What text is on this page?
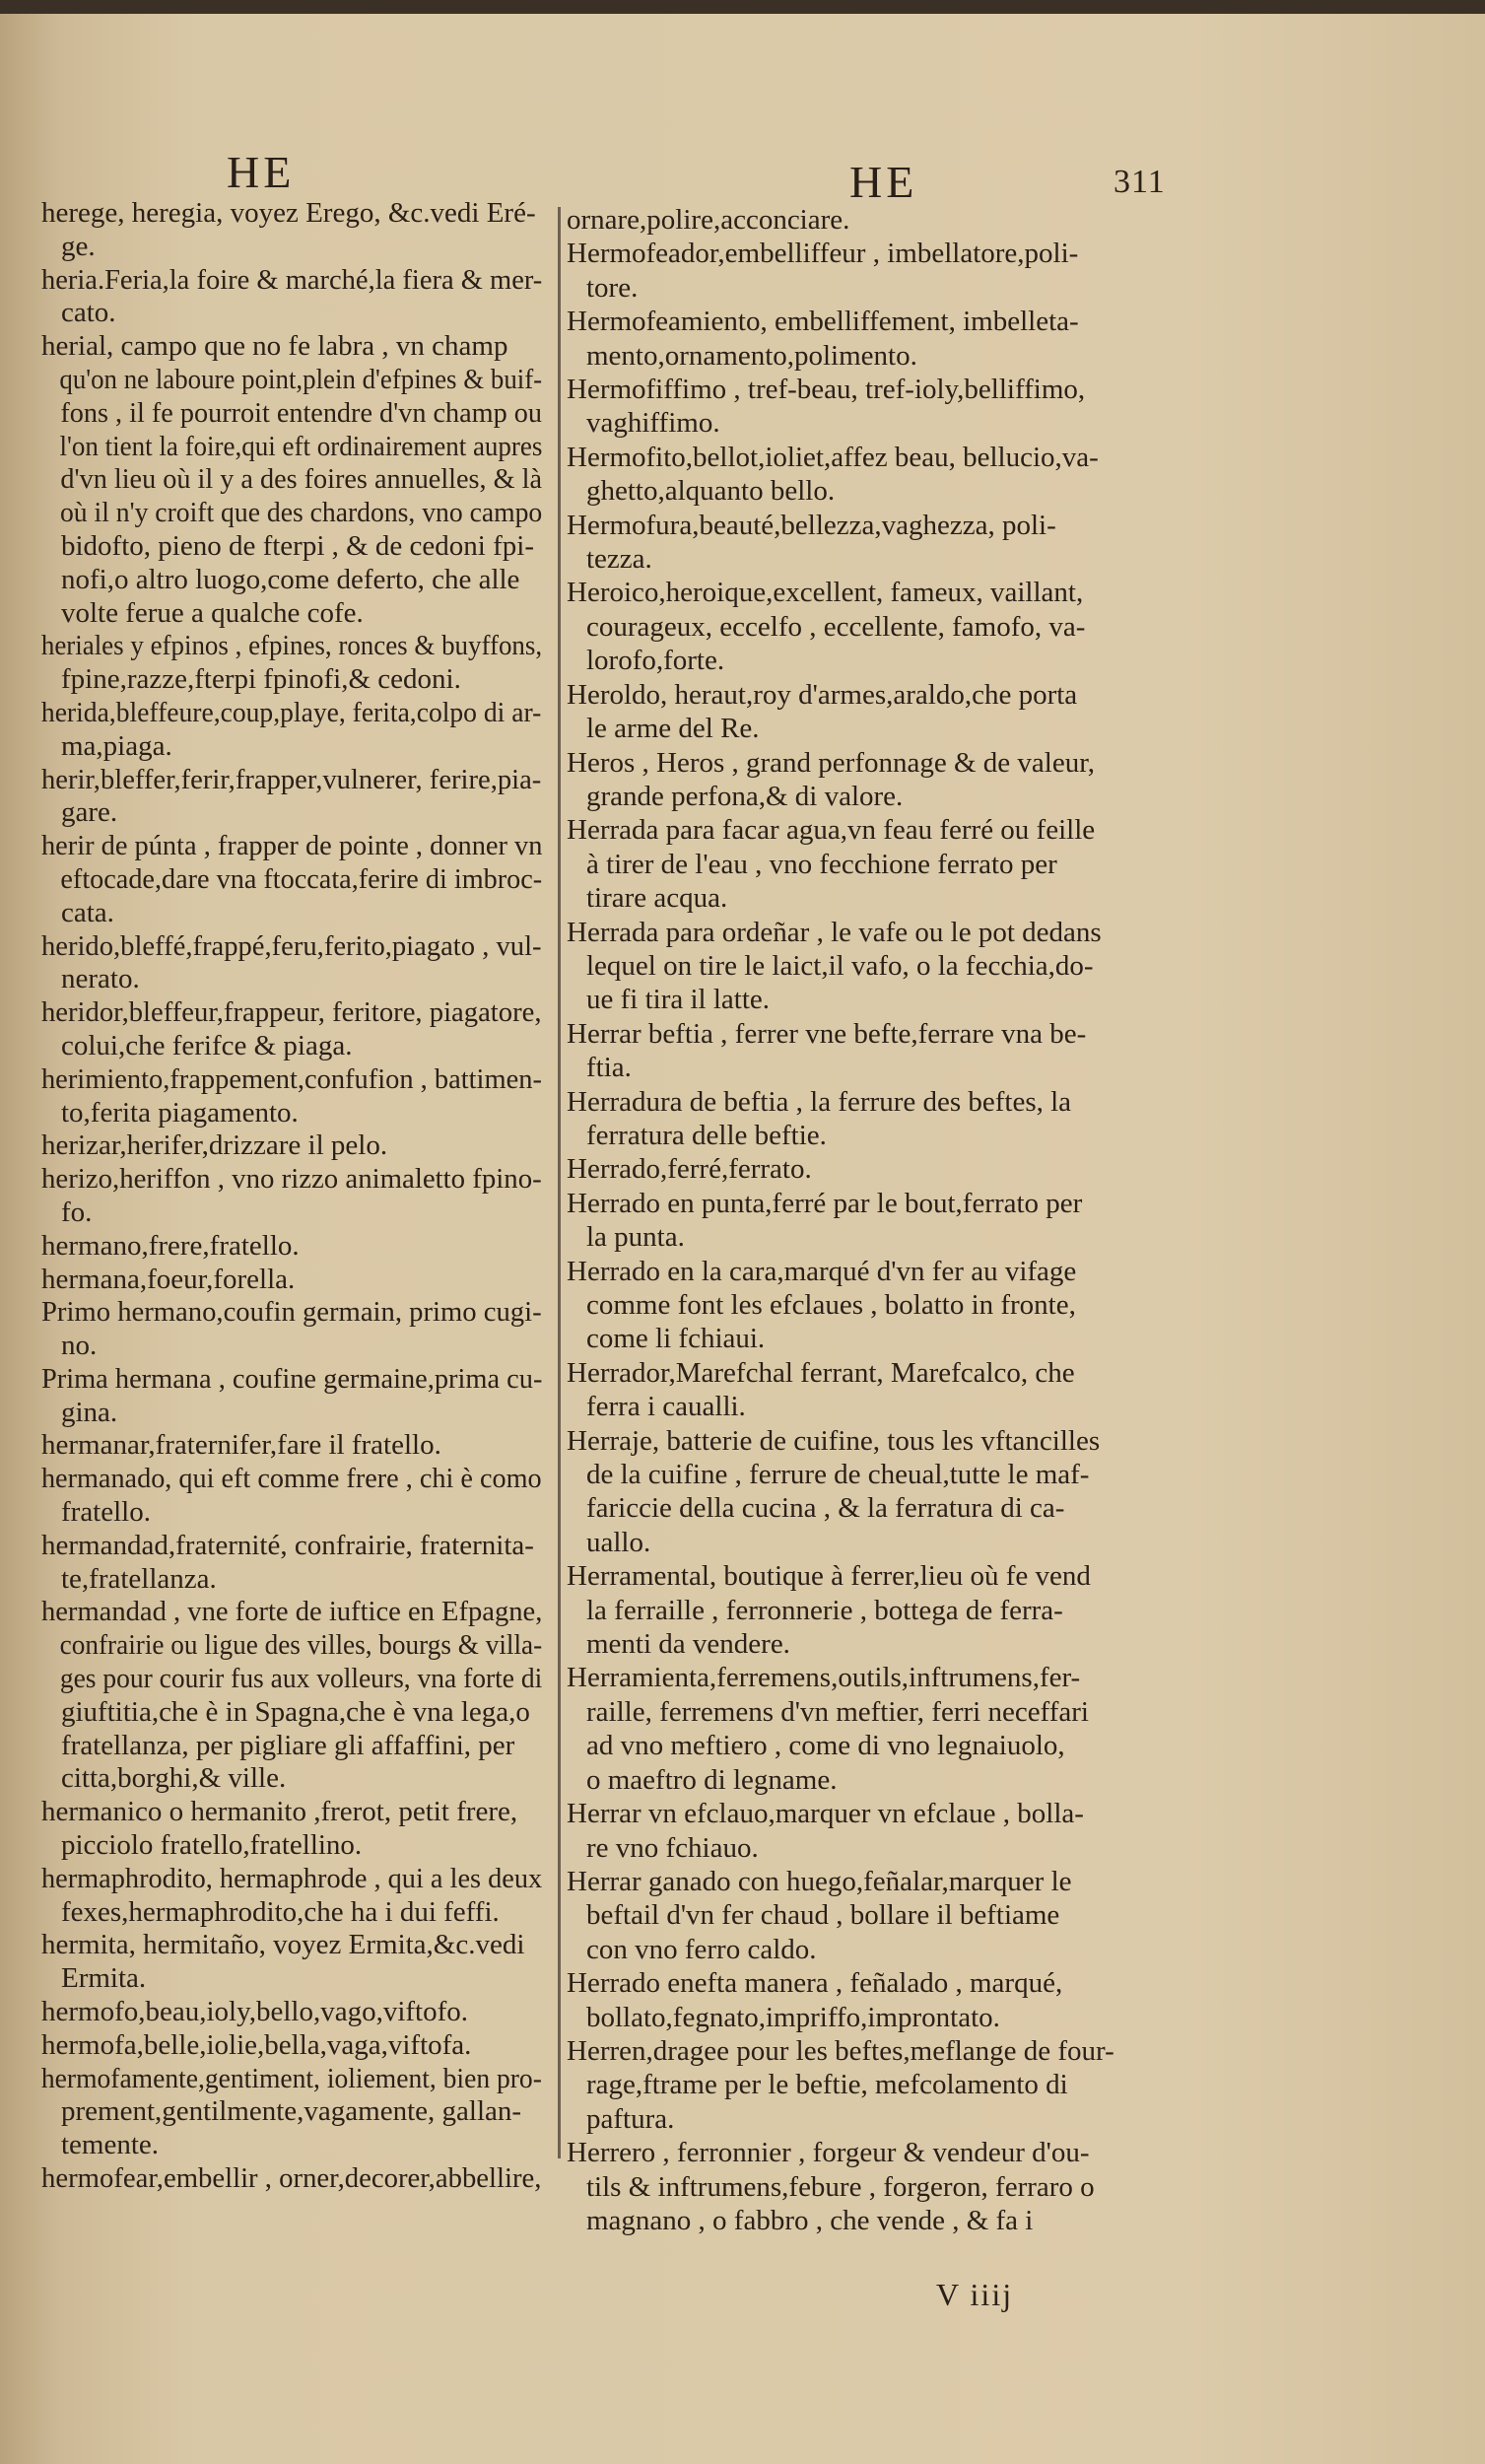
HE	HE	311
herege, heregia, voyez Erego, &c.vedi Eré-
ge.
heria.Feria,la foire & marché,la fiera & mer-
cato.
herial, campo que no fe labra , vn champ
qu'on ne laboure point,plein d'efpines & buif-
fons , il fe pourroit entendre d'vn champ ou
l'on tient la foire,qui eft ordinairement aupres
d'vn lieu où il y a des foires annuelles, & là
où il n'y croift que des chardons, vno campo
bidofto, pieno de fterpi , & de cedoni fpi-
nofi,o altro luogo,come deferto, che alle
volte ferue a qualche cofe.
heriales y efpinos , efpines, ronces & buyffons,
fpine,razze,fterpi fpinofi,& cedoni.
herida,bleffeure,coup,playe, ferita,colpo di ar-
ma,piaga.
herir,bleffer,ferir,frapper,vulnerer, ferire,pia-
gare.
herir de púnta , frapper de pointe , donner vn
eftocade,dare vna ftoccata,ferire di imbroc-
cata.
herido,bleffé,frappé,feru,ferito,piagato , vul-
nerato.
heridor,bleffeur,frappeur, feritore, piagatore,
colui,che ferifce & piaga.
herimiento,frappement,confufion , battimen-
to,ferita piagamento.
herizar,herifer,drizzare il pelo.
herizo,heriffon , vno rizzo animaletto fpino-
fo.
hermano,frere,fratello.
hermana,foeur,forella.
Primo hermano,coufin germain, primo cugi-
no.
Prima hermana , coufine germaine,prima cu-
gina.
hermanar,fraternifer,fare il fratello.
hermanado, qui eft comme frere , chi è como
fratello.
hermandad,fraternité, confrairie, fraternita-
te,fratellanza.
hermandad , vne forte de iuftice en Efpagne,
confrairie ou ligue des villes, bourgs & villa-
ges pour courir fus aux volleurs, vna forte di
giuftitia,che è in Spagna,che è vna lega,o
fratellanza, per pigliare gli affaffini, per
citta,borghi,& ville.
hermanico o hermanito ,frerot, petit frere,
picciolo fratello,fratellino.
hermaphrodito, hermaphrode , qui a les deux
fexes,hermaphrodito,che ha i dui feffi.
hermita, hermitaño, voyez Ermita,&c.vedi
Ermita.
hermofo,beau,ioly,bello,vago,viftofo.
hermofa,belle,iolie,bella,vaga,viftofa.
hermofamente,gentiment, ioliement, bien pro-
prement,gentilmente,vagamente, gallan-
temente.
hermofear,embellir , orner,decorer,abbellire,
ornare,polire,acconciare.
Hermofeador,embelliffeur , imbellatore,poli-
tore.
Hermofeamiento, embelliffement, imbelleta-
mento,ornamento,polimento.
Hermofiffimo , tref-beau, tref-ioly,belliffimo,
vaghiffimo.
Hermofito,bellot,ioliet,affez beau, bellucio,va-
ghetto,alquanto bello.
Hermofura,beauté,bellezza,vaghezza, poli-
tezza.
Heroico,heroique,excellent, fameux, vaillant,
courageux, eccelfo , eccellente, famofo, va-
lorofo,forte.
Heroldo, heraut,roy d'armes,araldo,che porta
le arme del Re.
Heros , Heros , grand perfonnage & de valeur,
grande perfona,& di valore.
Herrada para facar agua,vn feau ferré ou feille
à tirer de l'eau , vno fecchione ferrato per
tirare acqua.
Herrada para ordeñar , le vafe ou le pot dedans
lequel on tire le laict,il vafo, o la fecchia,do-
ue fi tira il latte.
Herrar beftia , ferrer vne befte,ferrare vna be-
ftia.
Herradura de beftia , la ferrure des beftes, la
ferratura delle beftie.
Herrado,ferré,ferrato.
Herrado en punta,ferré par le bout,ferrato per
la punta.
Herrado en la cara,marqué d'vn fer au vifage
comme font les efclaues , bolatto in fronte,
come li fchiaui.
Herrador,Marefchal ferrant, Marefcalco, che
ferra i caualli.
Herraje, batterie de cuifine, tous les vftancilles
de la cuifine , ferrure de cheual,tutte le maf-
fariccie della cucina , & la ferratura di ca-
uallo.
Herramental, boutique à ferrer,lieu où fe vend
la ferraille , ferronnerie , bottega de ferra-
menti da vendere.
Herramienta,ferremens,outils,inftrumens,fer-
raille, ferremens d'vn meftier, ferri neceffari
ad vno meftiero , come di vno legnaiuolo,
o maeftro di legname.
Herrar vn efclauo,marquer vn efclaue , bolla-
re vno fchiauo.
Herrar ganado con huego,feñalar,marquer le
beftail d'vn fer chaud , bollare il beftiame
con vno ferro caldo.
Herrado enefta manera , feñalado , marqué,
bollato,fegnato,impriffo,improntato.
Herren,dragee pour les beftes,meflange de four-
rage,ftrame per le beftie, mefcolamento di
paftura.
Herrero , ferronnier , forgeur & vendeur d'ou-
tils & inftrumens,febure , forgeron, ferraro o
magnano , o fabbro , che vende , & fa i
V iiij
